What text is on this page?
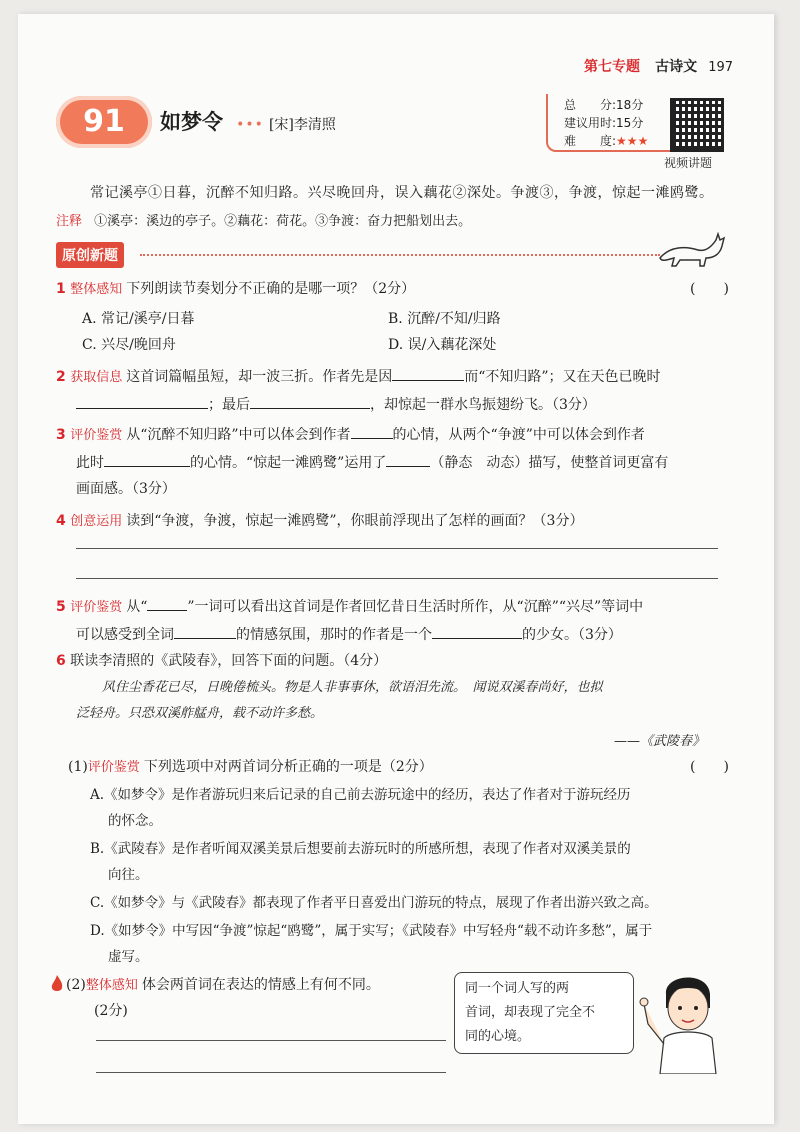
第七专题 古诗文 197
91	如梦令 ••• [宋]李清照
总　　分:18分
建议用时:15分
难　　度:★★★
视频讲题
常记溪亭①日暮，沉醉不知归路。兴尽晚回舟，误入藕花②深处。争渡③，争渡，惊起一滩鸥鹭。
注释 ①溪亭：溪边的亭子。②藕花：荷花。③争渡：奋力把船划出去。
原创新题
1 整体感知 下列朗读节奏划分不正确的是哪一项？（2分）	(　　)
A. 常记/溪亭/日暮	B. 沉醉/不知/归路
C. 兴尽/晚回舟	D. 误/入藕花深处
2 获取信息 这首词篇幅虽短，却一波三折。作者先是因	而“不知归路”；又在天色已晚时
；最后	，却惊起一群水鸟振翅纷飞。（3分）
3 评价鉴赏 从“沉醉不知归路”中可以体会到作者	的心情，从两个“争渡”中可以体会到作者
此时	的心情。“惊起一滩鸥鹭”运用了	（静态　动态）描写，使整首词更富有
画面感。（3分）
4 创意运用 读到“争渡，争渡，惊起一滩鸥鹭”，你眼前浮现出了怎样的画面？（3分）
5 评价鉴赏 从“	”一词可以看出这首词是作者回忆昔日生活时所作，从“沉醉”“兴尽”等词中
可以感受到全词	的情感氛围，那时的作者是一个	的少女。（3分）
6 联读李清照的《武陵春》，回答下面的问题。（4分）
风住尘香花已尽，日晚倦梳头。物是人非事事休，欲语泪先流。　闻说双溪春尚好，也拟
泛轻舟。只恐双溪舴艋舟，载不动许多愁。
——《武陵春》
(1)评价鉴赏 下列选项中对两首词分析正确的一项是（2分）	(　　)
A.《如梦令》是作者游玩归来后记录的自己前去游玩途中的经历，表达了作者对于游玩经历
的怀念。
B.《武陵春》是作者听闻双溪美景后想要前去游玩时的所感所想，表现了作者对双溪美景的
向往。
C.《如梦令》与《武陵春》都表现了作者平日喜爱出门游玩的特点，展现了作者出游兴致之高。
D.《如梦令》中写因“争渡”惊起“鸥鹭”，属于实写；《武陵春》中写轻舟“载不动许多愁”，属于
虚写。
(2)整体感知 体会两首词在表达的情感上有何不同。
(2分)
同一个词人写的两
首词，却表现了完全不
同的心境。
